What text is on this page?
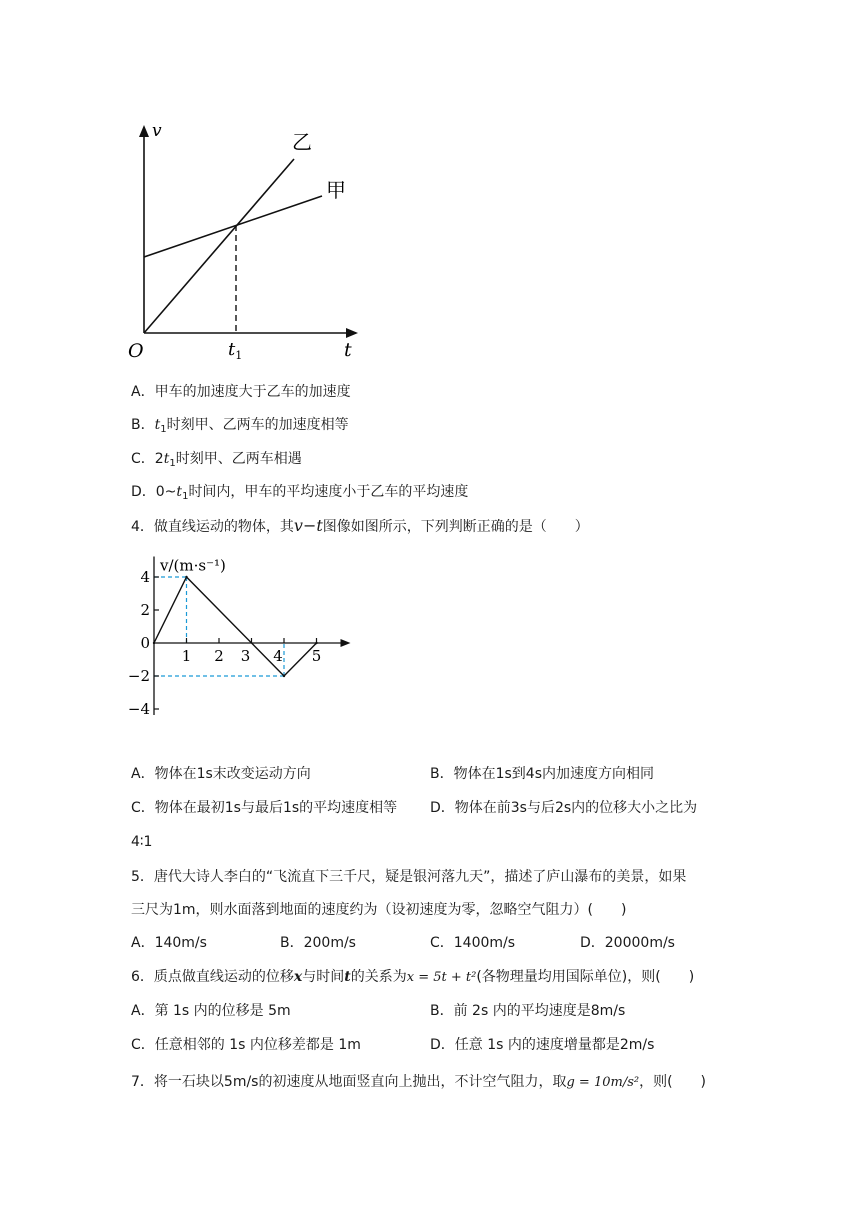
v
O	$t_1$	t
乙
甲
A．甲车的加速度大于乙车的加速度
B．$t_1$时刻甲、乙两车的加速度相等
C．$2t_1$时刻甲、乙两车相遇
D．$0\sim t_1$时间内，甲车的平均速度小于乙车的平均速度
4．做直线运动的物体，其v−t图像如图所示，下列判断正确的是（　　）
4
2
0
−2
−4
1 2 3 4 5
v/(m·s⁻¹)
A．物体在1s末改变运动方向	B．物体在1s到4s内加速度方向相同
C．物体在最初1s与最后1s的平均速度相等 D．物体在前3s与后2s内的位移大小之比为
4∶1
5．唐代大诗人李白的“飞流直下三千尺，疑是银河落九天”，描述了庐山瀑布的美景，如果
三尺为1m，则水面落到地面的速度约为（设初速度为零，忽略空气阻力）(　　)
A．140m/s	B．200m/s	C．1400m/s	D．20000m/s
6．质点做直线运动的位移x与时间t的关系为x = 5t + t²(各物理量均用国际单位)，则(　　)
A．第 1s 内的位移是 5m	B．前 2s 内的平均速度是8m/s
C．任意相邻的 1s 内位移差都是 1m	D．任意 1s 内的速度增量都是2m/s
7．将一石块以5m/s的初速度从地面竖直向上抛出，不计空气阻力，取g = 10m/s²，则(　　)
